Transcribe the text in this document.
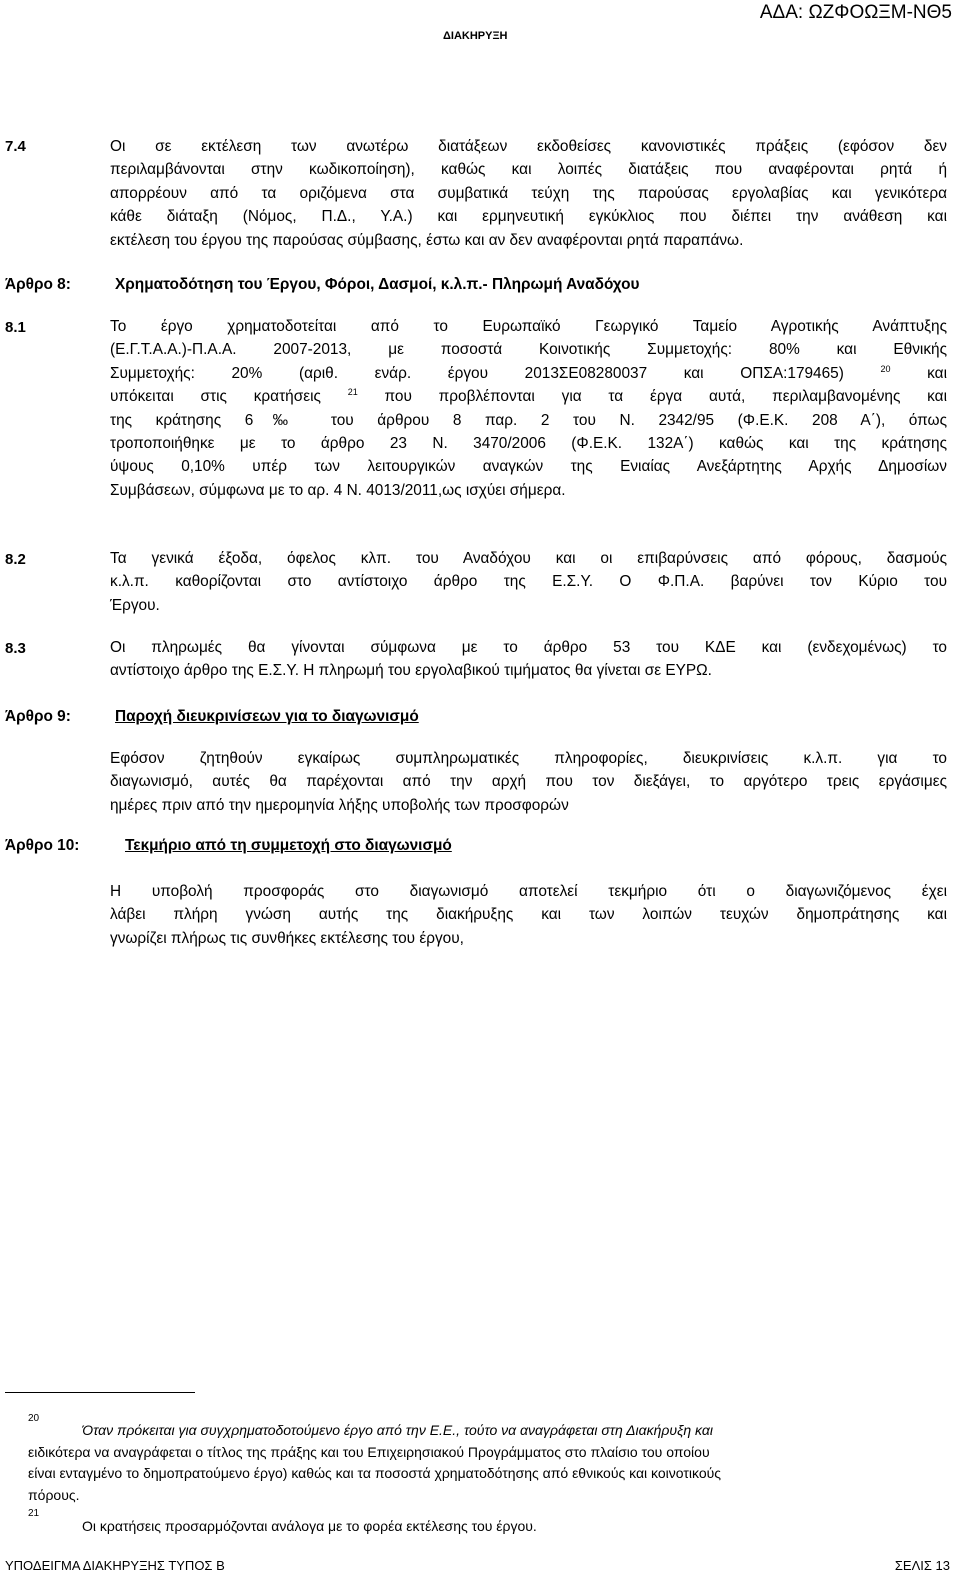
ΑΔΑ: ΩΖΦΟΩΞΜ-ΝΘ5
ΔΙΑΚΗΡΥΞΗ
7.4	Οι σε εκτέλεση των ανωτέρω διατάξεων εκδοθείσες κανονιστικές πράξεις (εφόσον δεν
περιλαμβάνονται στην κωδικοποίηση), καθώς και λοιπές διατάξεις που αναφέρονται ρητά ή
απορρέουν από τα οριζόμενα στα συμβατικά τεύχη της παρούσας εργολαβίας και γενικότερα
κάθε διάταξη (Νόμος, Π.Δ., Υ.Α.) και ερμηνευτική εγκύκλιος που διέπει την ανάθεση και
εκτέλεση του έργου της παρούσας σύμβασης, έστω και αν δεν αναφέρονται ρητά παραπάνω.
Άρθρο 8:	Χρηματοδότηση του Έργου, Φόροι, Δασμοί, κ.λ.π.- Πληρωμή Αναδόχου
8.1	Το έργο χρηματοδοτείται από το Ευρωπαϊκό Γεωργικό Ταμείο Αγροτικής Ανάπτυξης
(Ε.Γ.Τ.Α.Α.)-Π.Α.Α. 2007-2013, με ποσοστά Κοινοτικής Συμμετοχής: 80% και Εθνικής
Συμμετοχής: 20% (αριθ. ενάρ. έργου 2013ΣΕ08280037 και ΟΠΣΑ:179465)	$^{20}$ και
υπόκειται στις κρατήσεις	$^{21}$ που προβλέπονται για τα έργα αυτά, περιλαμβανομένης και
της κράτησης 6‰ του άρθρου 8 παρ. 2 του Ν. 2342/95 (Φ.Ε.Κ. 208 Α΄), όπως
τροποποιήθηκε με το άρθρο 23 Ν. 3470/2006 (Φ.Ε.Κ. 132Α΄) καθώς και της κράτησης
ύψους 0,10% υπέρ των λειτουργικών αναγκών της Ενιαίας Ανεξάρτητης Αρχής Δημοσίων
Συμβάσεων, σύμφωνα με το αρ. 4 Ν. 4013/2011,ως ισχύει σήμερα.
8.2	Τα γενικά έξοδα, όφελος κλπ. του Αναδόχου και οι επιβαρύνσεις από φόρους, δασμούς
κ.λ.π. καθορίζονται στο αντίστοιχο άρθρο της Ε.Σ.Υ. Ο Φ.Π.Α. βαρύνει τον Κύριο του
Έργου.
8.3	Οι πληρωμές θα γίνονται σύμφωνα με το άρθρο 53 του ΚΔΕ και (ενδεχομένως) το
αντίστοιχο άρθρο της Ε.Σ.Υ. Η πληρωμή του εργολαβικού τιμήματος θα γίνεται σε ΕΥΡΩ.
Άρθρο 9:	Παροχή διευκρινίσεων για το διαγωνισμό
Εφόσον ζητηθούν εγκαίρως συμπληρωματικές πληροφορίες, διευκρινίσεις κ.λ.π. για το
διαγωνισμό, αυτές θα παρέχονται από την αρχή που τον διεξάγει, το αργότερο τρεις εργάσιμες
ημέρες πριν από την ημερομηνία λήξης υποβολής των προσφορών
Άρθρο 10:	Τεκμήριο από τη συμμετοχή στο διαγωνισμό
Η υποβολή προσφοράς στο διαγωνισμό αποτελεί τεκμήριο ότι ο διαγωνιζόμενος έχει
λάβει πλήρη γνώση αυτής της διακήρυξης και των λοιπών τευχών δημοπράτησης και
γνωρίζει πλήρως τις συνθήκες εκτέλεσης του έργου,
20
Όταν πρόκειται για συγχρηματοδοτούμενο έργο από την Ε.Ε., τούτο να αναγράφεται στη Διακήρυξη και
ειδικότερα να αναγράφεται ο τίτλος της πράξης και του Επιχειρησιακού Προγράμματος στο πλαίσιο του οποίου
είναι ενταγμένο το δημοπρατούμενο έργο) καθώς και τα ποσοστά χρηματοδότησης από εθνικούς και κοινοτικούς
πόρους.
21
Οι κρατήσεις προσαρμόζονται ανάλογα με το φορέα εκτέλεσης του έργου.
ΥΠΟΔΕΙΓΜΑ ΔΙΑΚΗΡΥΞΗΣ ΤΥΠΟΣ Β	ΣΕΛΙΣ 13
